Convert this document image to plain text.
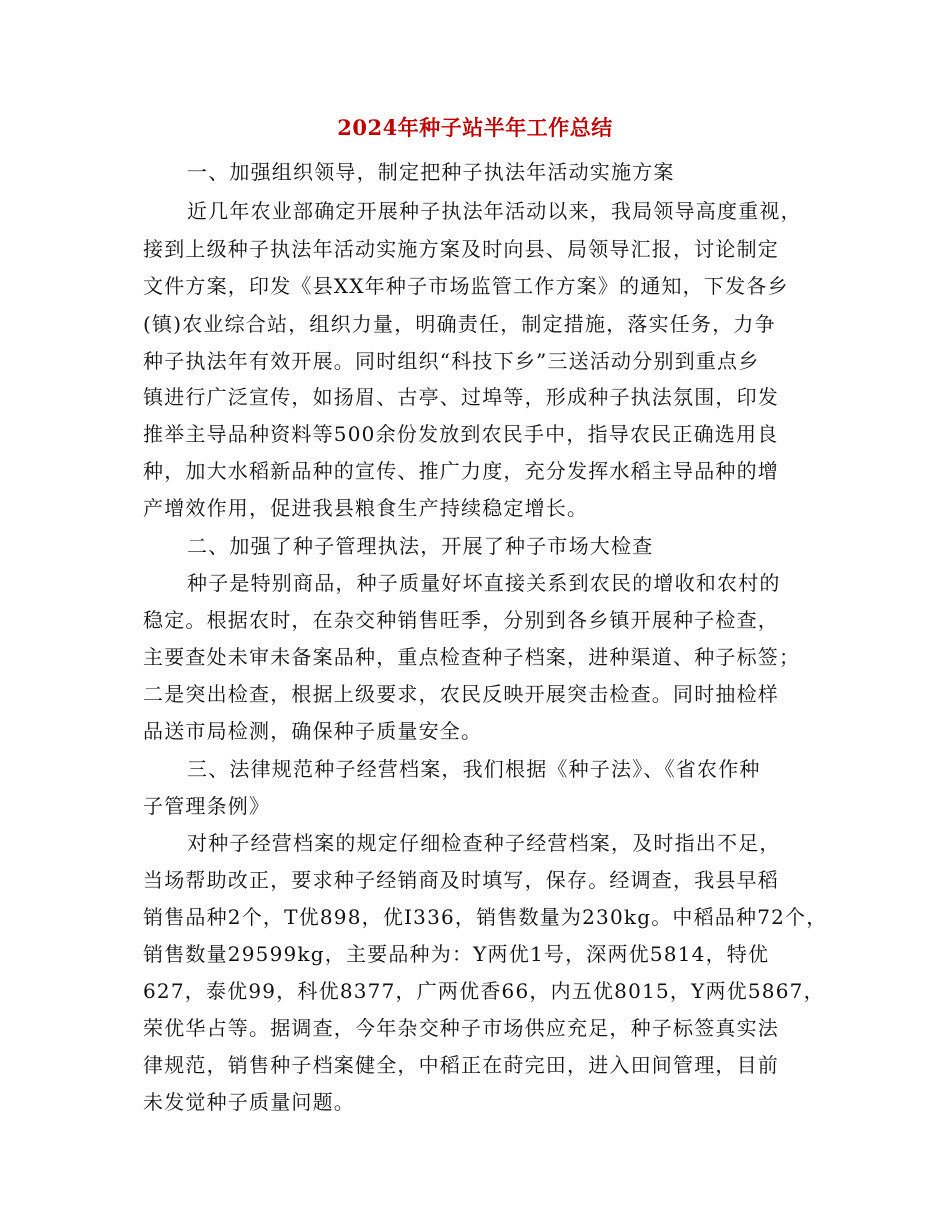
2024年种子站半年工作总结
一、加强组织领导，制定把种子执法年活动实施方案
近几年农业部确定开展种子执法年活动以来，我局领导高度重视，
接到上级种子执法年活动实施方案及时向县、局领导汇报，讨论制定
文件方案，印发《县XX年种子市场监管工作方案》的通知，下发各乡
(镇)农业综合站，组织力量，明确责任，制定措施，落实任务，力争
种子执法年有效开展。同时组织“科技下乡”三送活动分别到重点乡
镇进行广泛宣传，如扬眉、古亭、过埠等，形成种子执法氛围，印发
推举主导品种资料等500余份发放到农民手中，指导农民正确选用良
种，加大水稻新品种的宣传、推广力度，充分发挥水稻主导品种的增
产增效作用，促进我县粮食生产持续稳定增长。
二、加强了种子管理执法，开展了种子市场大检查
种子是特别商品，种子质量好坏直接关系到农民的增收和农村的
稳定。根据农时，在杂交种销售旺季，分别到各乡镇开展种子检查，
主要查处未审未备案品种，重点检查种子档案，进种渠道、种子标签；
二是突出检查，根据上级要求，农民反映开展突击检查。同时抽检样
品送市局检测，确保种子质量安全。
三、法律规范种子经营档案，我们根据《种子法》、《省农作种
子管理条例》
对种子经营档案的规定仔细检查种子经营档案，及时指出不足，
当场帮助改正，要求种子经销商及时填写，保存。经调查，我县早稻
销售品种2个，T优898，优I336，销售数量为230kg。中稻品种72个，
销售数量29599kg，主要品种为：Y两优1号，深两优5814，特优
627，泰优99，科优8377，广两优香66，内五优8015，Y两优5867，
荣优华占等。据调查，今年杂交种子市场供应充足，种子标签真实法
律规范，销售种子档案健全，中稻正在莳完田，进入田间管理，目前
未发觉种子质量问题。
